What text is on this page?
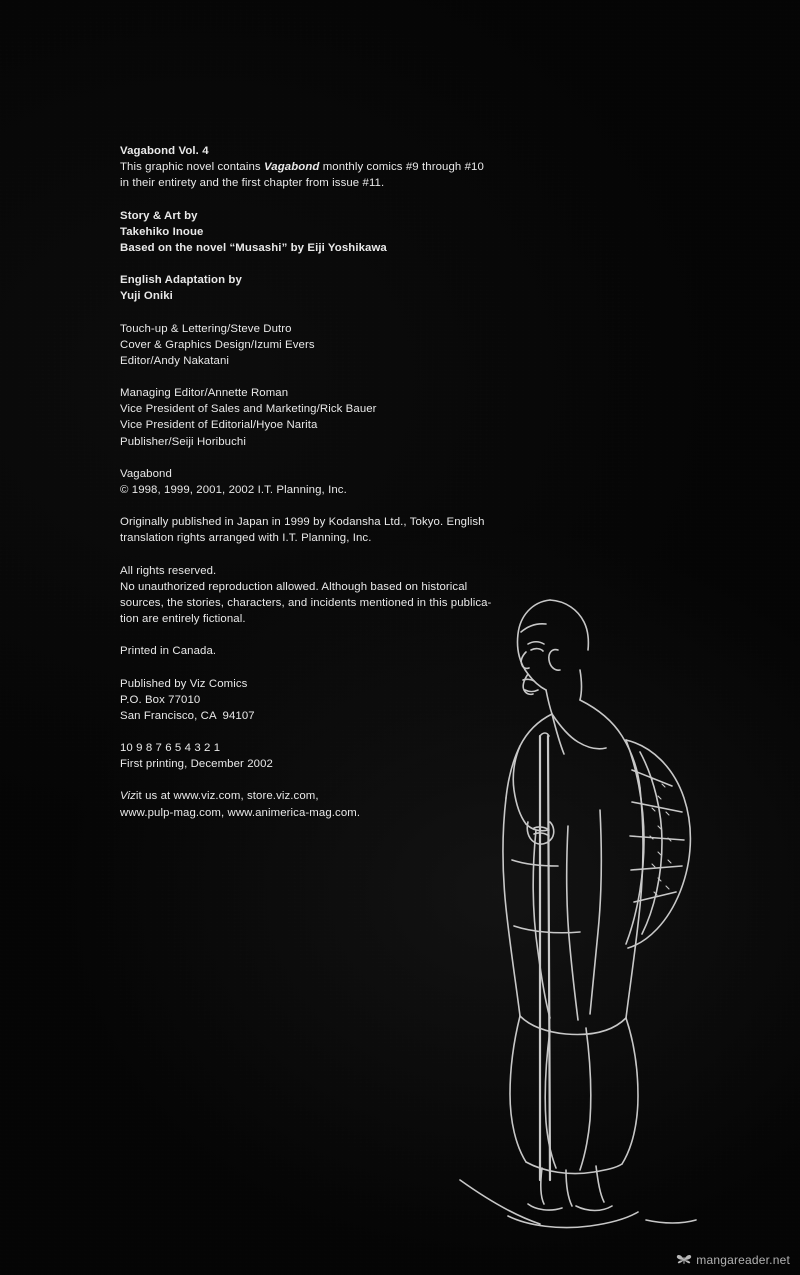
Vagabond Vol. 4
This graphic novel contains Vagabond monthly comics #9 through #10
in their entirety and the first chapter from issue #11.
Story & Art by
Takehiko Inoue
Based on the novel “Musashi” by Eiji Yoshikawa
English Adaptation by
Yuji Oniki
Touch-up & Lettering/Steve Dutro
Cover & Graphics Design/Izumi Evers
Editor/Andy Nakatani
Managing Editor/Annette Roman
Vice President of Sales and Marketing/Rick Bauer
Vice President of Editorial/Hyoe Narita
Publisher/Seiji Horibuchi
Vagabond
© 1998, 1999, 2001, 2002 I.T. Planning, Inc.
Originally published in Japan in 1999 by Kodansha Ltd., Tokyo. English
translation rights arranged with I.T. Planning, Inc.
All rights reserved.
No unauthorized reproduction allowed. Although based on historical
sources, the stories, characters, and incidents mentioned in this publica-
tion are entirely fictional.
Printed in Canada.
Published by Viz Comics
P.O. Box 77010
San Francisco, CA  94107
10 9 8 7 6 5 4 3 2 1
First printing, December 2002
Vizit us at www.viz.com, store.viz.com,
www.pulp-mag.com, www.animerica-mag.com.
mangareader.net
